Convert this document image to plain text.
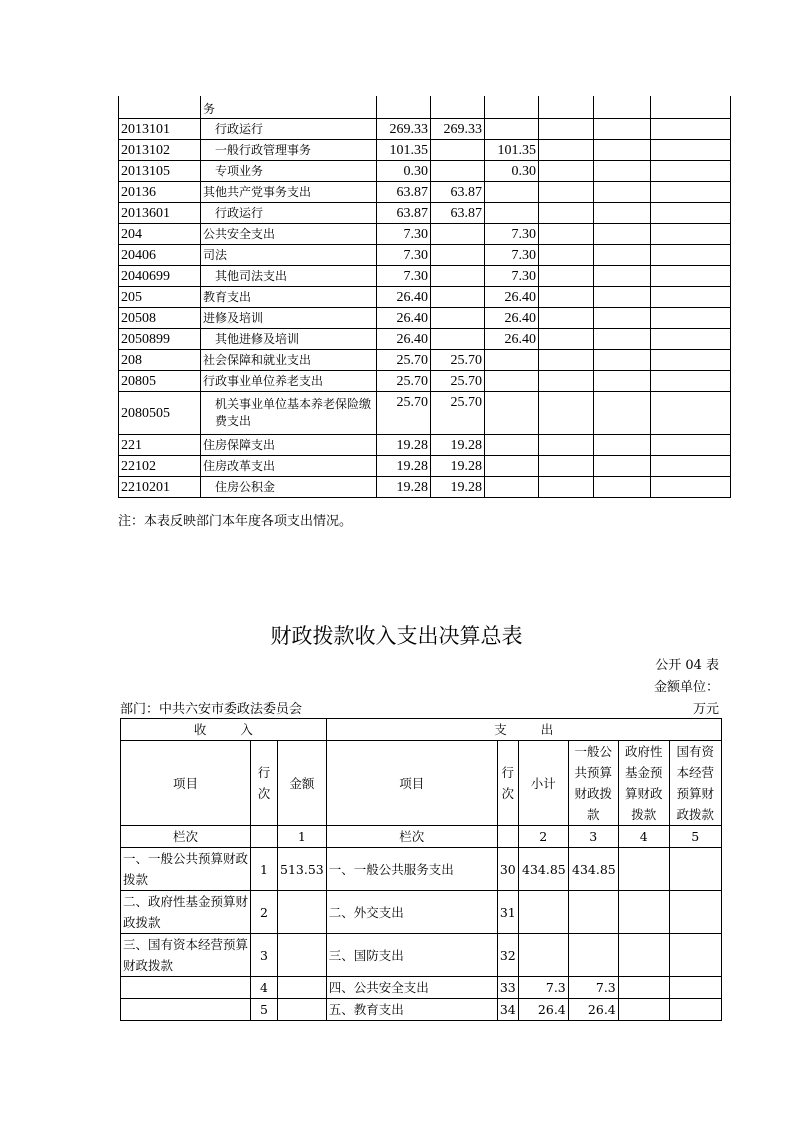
	务						
2013101	行政运行	269.33	269.33				
2013102	一般行政管理事务	101.35		101.35			
2013105	专项业务	0.30		0.30			
20136	其他共产党事务支出	63.87	63.87				
2013601	行政运行	63.87	63.87				
204	公共安全支出	7.30		7.30			
20406	司法	7.30		7.30			
2040699	其他司法支出	7.30		7.30			
205	教育支出	26.40		26.40			
20508	进修及培训	26.40		26.40			
2050899	其他进修及培训	26.40		26.40			
208	社会保障和就业支出	25.70	25.70				
20805	行政事业单位养老支出	25.70	25.70				
2080505	机关事业单位基本养老保险缴费支出	25.70	25.70				
221	住房保障支出	19.28	19.28				
22102	住房改革支出	19.28	19.28				
2210201	住房公积金	19.28	19.28				
注：本表反映部门本年度各项支出情况。
财政拨款收入支出决算总表
公开 04 表
金额单位：
部门：中共六安市委政法委员会	万元
收入			支出					
项目	行次	金额	项目	行次	小计	一般公共预算财政拨款	政府性基金预算财政拨款	国有资本经营预算财政拨款
栏次		1	栏次		2	3	4	5
一、一般公共预算财政拨款	1	513.53	一、一般公共服务支出	30	434.85	434.85		
二、政府性基金预算财政拨款	2		二、外交支出	31				
三、国有资本经营预算财政拨款	3		三、国防支出	32				
	4		四、公共安全支出	33	7.3	7.3		
	5		五、教育支出	34	26.4	26.4		
